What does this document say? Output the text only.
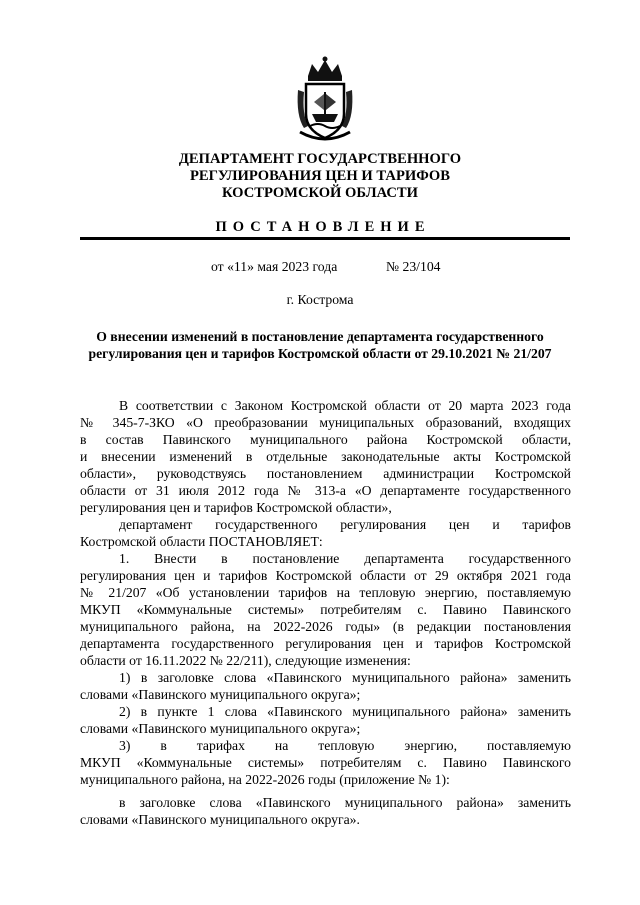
ДЕПАРТАМЕНТ ГОСУДАРСТВЕННОГО
РЕГУЛИРОВАНИЯ ЦЕН И ТАРИФОВ
КОСТРОМСКОЙ ОБЛАСТИ
ПОСТАНОВЛЕНИЕ
от «11» мая 2023 года	№ 23/104
г. Кострома
О внесении изменений в постановление департамента государственного
регулирования цен и тарифов Костромской области от 29.10.2021 № 21/207
В соответствии с Законом Костромской области от 20 марта 2023 года
№ 345-7-ЗКО «О преобразовании муниципальных образований, входящих
в состав Павинского муниципального района Костромской области,
и внесении изменений в отдельные законодательные акты Костромской
области», руководствуясь постановлением администрации Костромской
области от 31 июля 2012 года № 313-а «О департаменте государственного
регулирования цен и тарифов Костромской области»,
департамент государственного регулирования цен и тарифов
Костромской области ПОСТАНОВЛЯЕТ:
1. Внести в постановление департамента государственного
регулирования цен и тарифов Костромской области от 29 октября 2021 года
№ 21/207 «Об установлении тарифов на тепловую энергию, поставляемую
МКУП «Коммунальные системы» потребителям с. Павино Павинского
муниципального района, на 2022-2026 годы» (в редакции постановления
департамента государственного регулирования цен и тарифов Костромской
области от 16.11.2022 № 22/211), следующие изменения:
1) в заголовке слова «Павинского муниципального района» заменить
словами «Павинского муниципального округа»;
2) в пункте 1 слова «Павинского муниципального района» заменить
словами «Павинского муниципального округа»;
3) в тарифах на тепловую энергию, поставляемую
МКУП «Коммунальные системы» потребителям с. Павино Павинского
муниципального района, на 2022-2026 годы (приложение № 1):
в заголовке слова «Павинского муниципального района» заменить
словами «Павинского муниципального округа».
